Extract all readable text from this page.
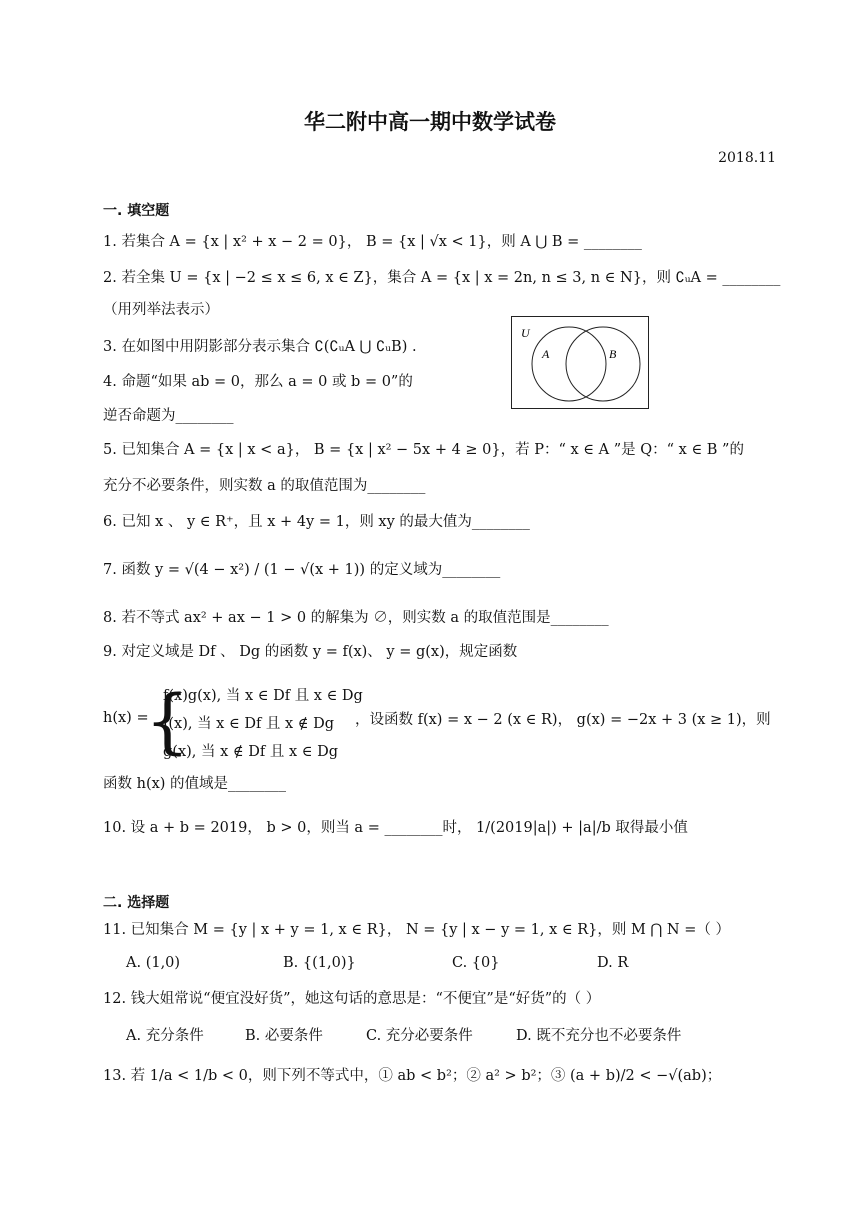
华二附中高一期中数学试卷
2018.11
一. 填空题
1. 若集合 A = {x | x² + x − 2 = 0}， B = {x | √x < 1}，则 A ⋃ B = ________
2. 若全集 U = {x | −2 ≤ x ≤ 6, x ∈ Z}，集合 A = {x | x = 2n, n ≤ 3, n ∈ N}，则 ∁ᵤA = ________
（用列举法表示）
3. 在如图中用阴影部分表示集合 ∁(∁ᵤA ⋃ ∁ᵤB) .
U
A	B
4. 命题“如果 ab = 0，那么 a = 0 或 b = 0”的
逆否命题为________
5. 已知集合 A = {x | x < a}， B = {x | x² − 5x + 4 ≥ 0}，若 P：“ x ∈ A ”是 Q：“ x ∈ B ”的
充分不必要条件，则实数 a 的取值范围为________
6. 已知 x 、 y ∈ R⁺，且 x + 4y = 1，则 xy 的最大值为________
7. 函数 y = √(4 − x²) / (1 − √(x + 1)) 的定义域为________
8. 若不等式 ax² + ax − 1 > 0 的解集为 ∅，则实数 a 的取值范围是________
9. 对定义域是 Df 、 Dg 的函数 y = f(x)、 y = g(x)，规定函数
h(x) =
{
f(x)g(x), 当 x ∈ Df 且 x ∈ Dg
f(x), 当 x ∈ Df 且 x ∉ Dg
g(x), 当 x ∉ Df 且 x ∈ Dg
，设函数 f(x) = x − 2 (x ∈ R)， g(x) = −2x + 3 (x ≥ 1)，则
函数 h(x) 的值域是________
10. 设 a + b = 2019， b > 0，则当 a = ________时， 1/(2019|a|) + |a|/b 取得最小值
二. 选择题
11. 已知集合 M = {y | x + y = 1, x ∈ R}， N = {y | x − y = 1, x ∈ R}，则 M ⋂ N =（ ）
A. (1,0)	B. {(1,0)}	C. {0}	D. R
12. 钱大姐常说“便宜没好货”，她这句话的意思是：“不便宜”是“好货”的（ ）
A. 充分条件	B. 必要条件	C. 充分必要条件	D. 既不充分也不必要条件
13. 若 1/a < 1/b < 0，则下列不等式中，① ab < b²；② a² > b²；③ (a + b)/2 < −√(ab)；
